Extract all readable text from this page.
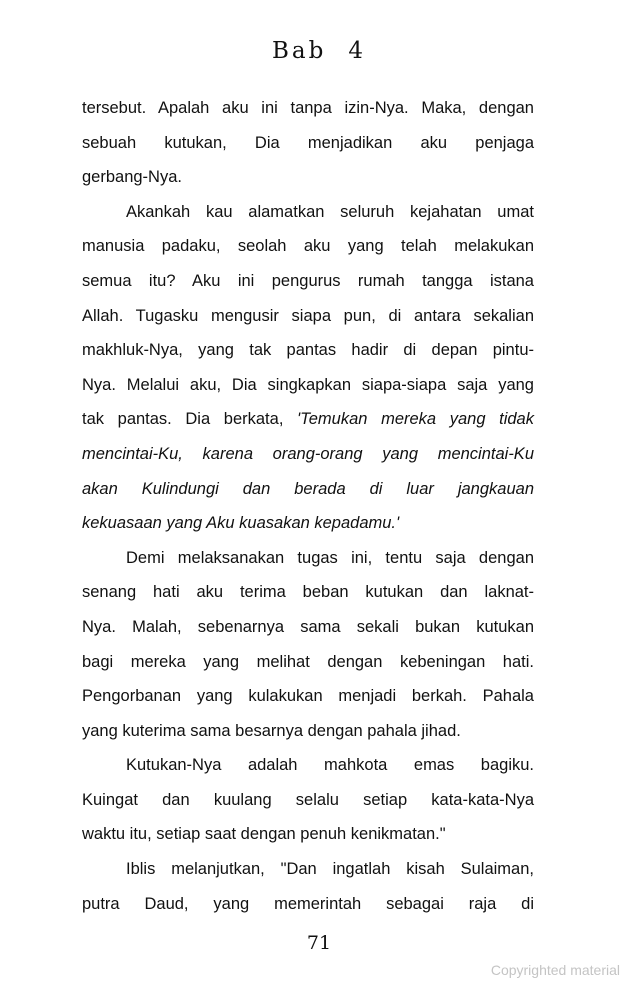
Bab 4
tersebut. Apalah aku ini tanpa izin-Nya. Maka, dengan
sebuah kutukan, Dia menjadikan aku penjaga
gerbang-Nya.
Akankah kau alamatkan seluruh kejahatan umat
manusia padaku, seolah aku yang telah melakukan
semua itu? Aku ini pengurus rumah tangga istana
Allah. Tugasku mengusir siapa pun, di antara sekalian
makhluk-Nya, yang tak pantas hadir di depan pintu-
Nya. Melalui aku, Dia singkapkan siapa-siapa saja yang
tak pantas. Dia berkata, 'Temukan mereka yang tidak
mencintai-Ku, karena orang-orang yang mencintai-Ku
akan Kulindungi dan berada di luar jangkauan
kekuasaan yang Aku kuasakan kepadamu.'
Demi melaksanakan tugas ini, tentu saja dengan
senang hati aku terima beban kutukan dan laknat-
Nya. Malah, sebenarnya sama sekali bukan kutukan
bagi mereka yang melihat dengan kebeningan hati.
Pengorbanan yang kulakukan menjadi berkah. Pahala
yang kuterima sama besarnya dengan pahala jihad.
Kutukan-Nya adalah mahkota emas bagiku.
Kuingat dan kuulang selalu setiap kata-kata-Nya
waktu itu, setiap saat dengan penuh kenikmatan."
Iblis melanjutkan, "Dan ingatlah kisah Sulaiman,
putra Daud, yang memerintah sebagai raja di
71
Copyrighted material
